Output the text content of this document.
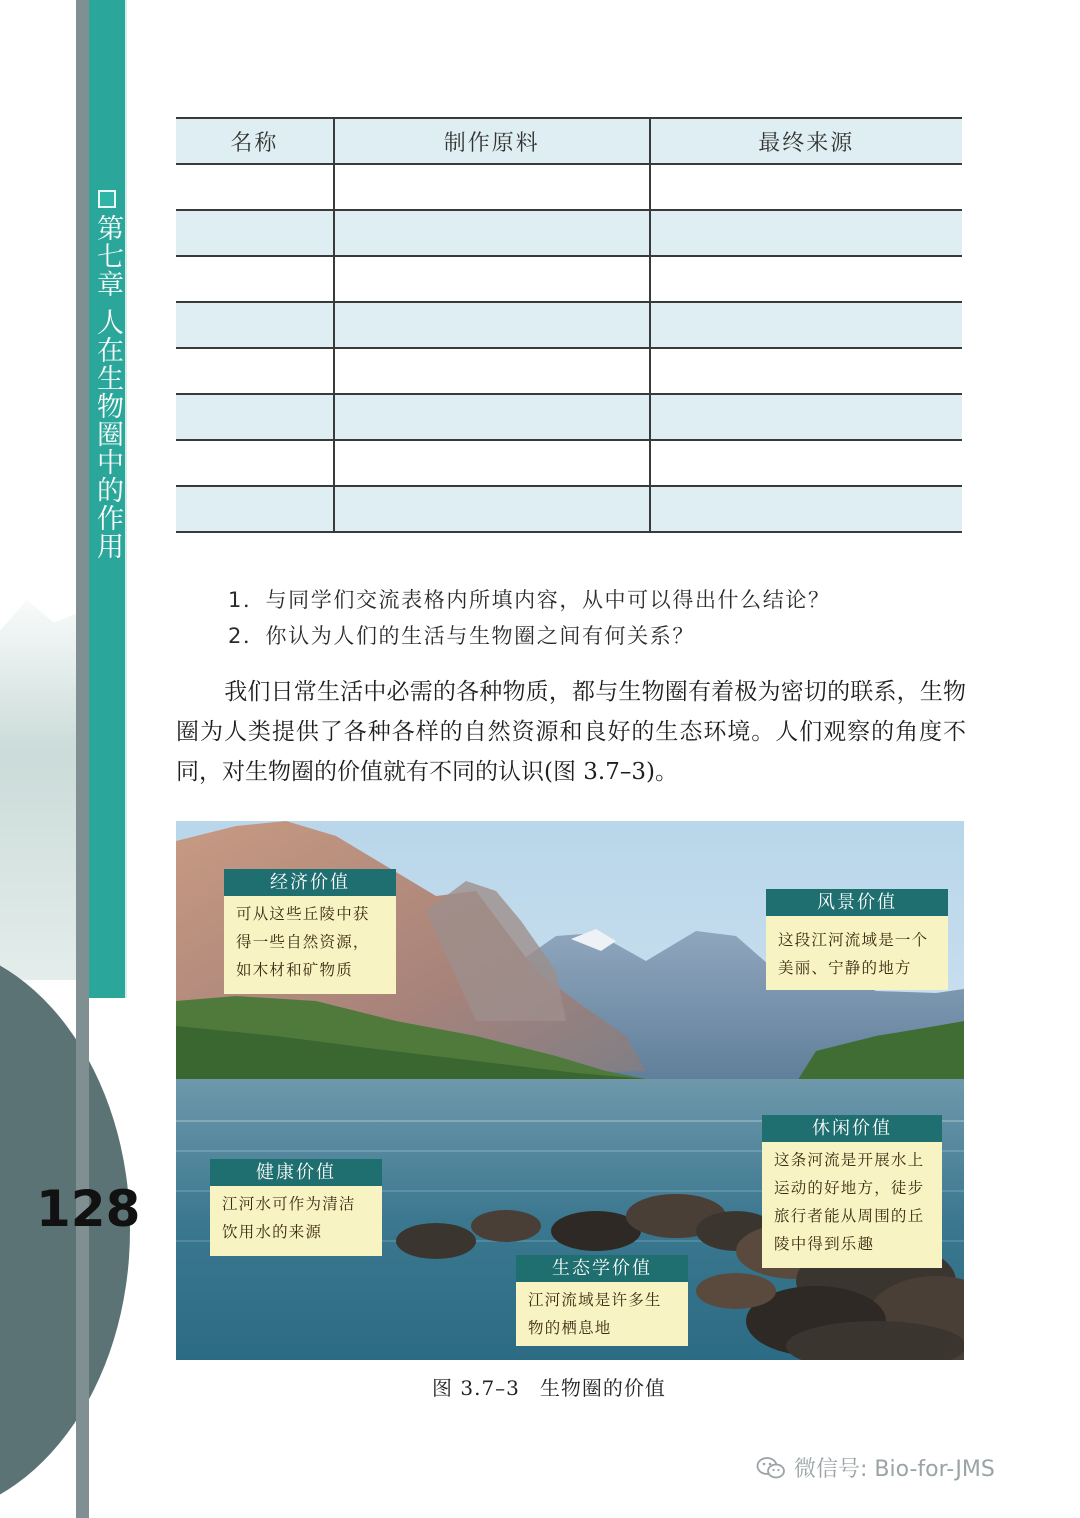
第七章人在生物圈中的作用
128
名称	制作原料	最终来源

1．与同学们交流表格内所填内容，从中可以得出什么结论？
2．你认为人们的生活与生物圈之间有何关系？
我们日常生活中必需的各种物质，都与生物圈有着极为密切的联系，生物圈为人类提供了各种各样的自然资源和良好的生态环境。人们观察的角度不同，对生物圈的价值就有不同的认识(图 3.7–3)。
经济价值
可从这些丘陵中获得一些自然资源，如木材和矿物质
风景价值
这段江河流域是一个美丽、宁静的地方
休闲价值
这条河流是开展水上运动的好地方，徒步旅行者能从周围的丘陵中得到乐趣
健康价值
江河水可作为清洁饮用水的来源
生态学价值
江河流域是许多生物的栖息地
图 3.7–3 生物圈的价值
微信号: Bio-for-JMS
